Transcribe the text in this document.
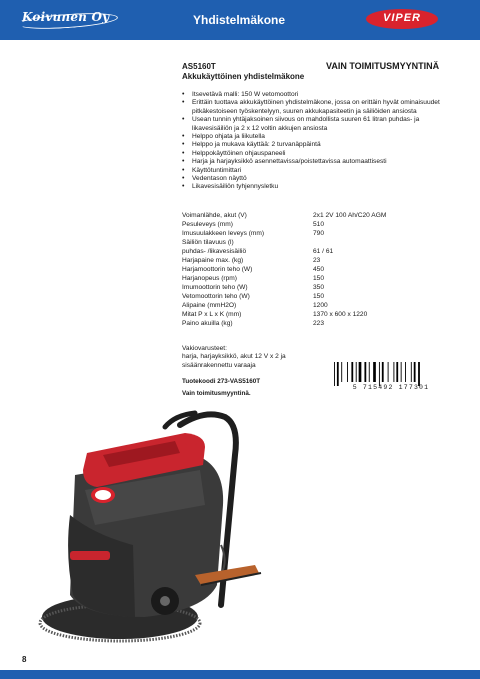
Koivunen Oy	Yhdistelmäkone	VIPER
AS5160T
Akkukäyttöinen yhdistelmäkone
VAIN TOIMITUSMYYNTINÄ
• Itsevetävä malli: 150 W vetomoottori
• Erittäin tuottava akkukäyttöinen yhdistelmäkone, jossa on erittäin hyvät ominaisuudet pitkäkestoiseen työskentelyyn, suuren akkukapasiteetin ja säiliöiden ansiosta
• Usean tunnin yhtäjaksoinen siivous on mahdollista suuren 61 litran puhdas- ja likavesisäiliön ja 2 x 12 voltin akkujen ansiosta
• Helppo ohjata ja liikutella
• Helppo ja mukava käyttää: 2 turvanäppäintä
• Helppokäyttöinen ohjauspaneeli
• Harja ja harjayksikkö asennettavissa/poistettavissa automaattisesti
• Käyttötuntimittari
• Vedentason näyttö
• Likavesisäiliön tyhjennysletku
Voimanlähde, akut (V)	2x1 2V 100 Ah/C20 AGM
Pesuleveys (mm)	510
Imusuulakkeen leveys (mm)	790
Säiliön tilavuus (l)	
puhdas- /likavesisäiliö	61 / 61
Harjapaine max. (kg)	23
Harjamoottorin teho (W)	450
Harjanopeus (rpm)	150
Imumoottorin teho (W)	350
Vetomoottorin teho (W)	150
Alipaine (mmH2O)	1200
Mitat P x L x K (mm)	1370 x 600 x 1220
Paino akuilla (kg)	223
Vakiovarusteet:
harja, harjayksikkö, akut 12 V x 2 ja sisäänrakennettu varaaja
Tuotekoodi 273-VAS5160T
Vain toimitusmyyntinä.
5 715492 177301
8
